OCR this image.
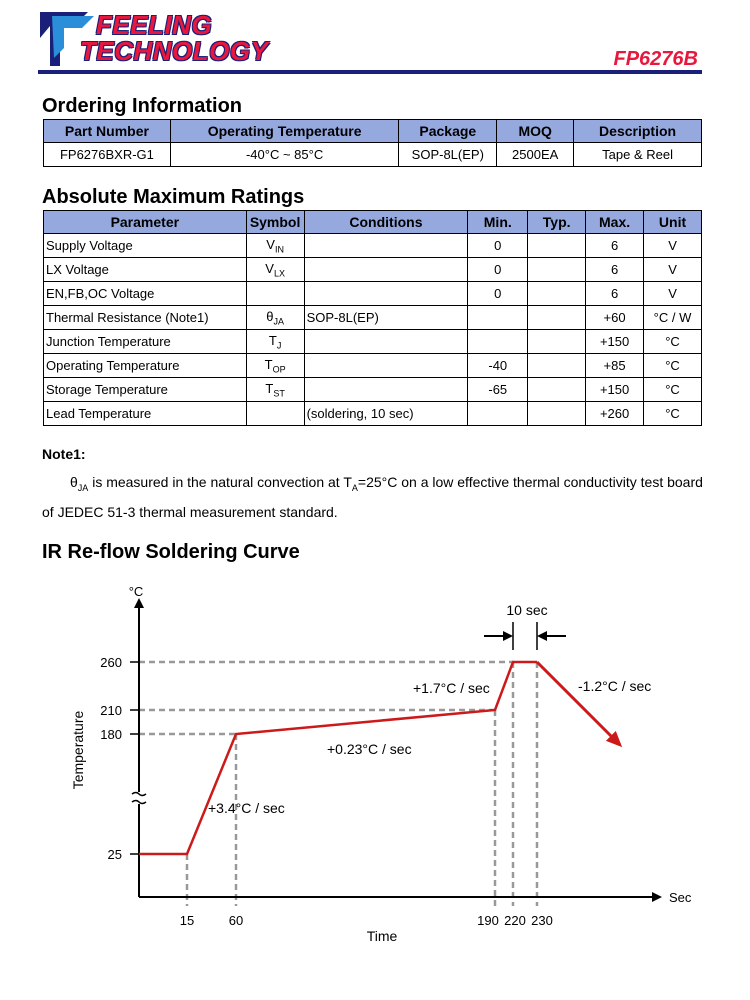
FEELING
TECHNOLOGY	FP6276B
Ordering Information
Part Number	Operating Temperature	Package	MOQ	Description
FP6276BXR-G1	-40°C ~ 85°C	SOP-8L(EP)	2500EA	Tape & Reel
Absolute Maximum Ratings
Parameter	Symbol	Conditions	Min.	Typ.	Max.	Unit
Supply Voltage	$V_{IN}$		0		6	V
LX Voltage	$V_{LX}$		0		6	V
EN,FB,OC Voltage			0		6	V
Thermal Resistance (Note1)	$\theta_{JA}$	SOP-8L(EP)			+60	°C / W
Junction Temperature	$T_J$				+150	°C
Operating Temperature	$T_{OP}$		-40		+85	°C
Storage Temperature	$T_{ST}$		-65		+150	°C
Lead Temperature		(soldering, 10 sec)			+260	°C
Note1:
$\theta_{JA}$ is measured in the natural convection at $T_A=25^\circ C$ on a low effective thermal conductivity test board of JEDEC 51-3 thermal measurement standard.
IR Re-flow Soldering Curve
°C
Sec
Time
Temperature
25
180
210
260
15	60	190 220 230
+3.4°C / sec
+0.23°C / sec
+1.7°C / sec	-1.2°C / sec
10 sec
